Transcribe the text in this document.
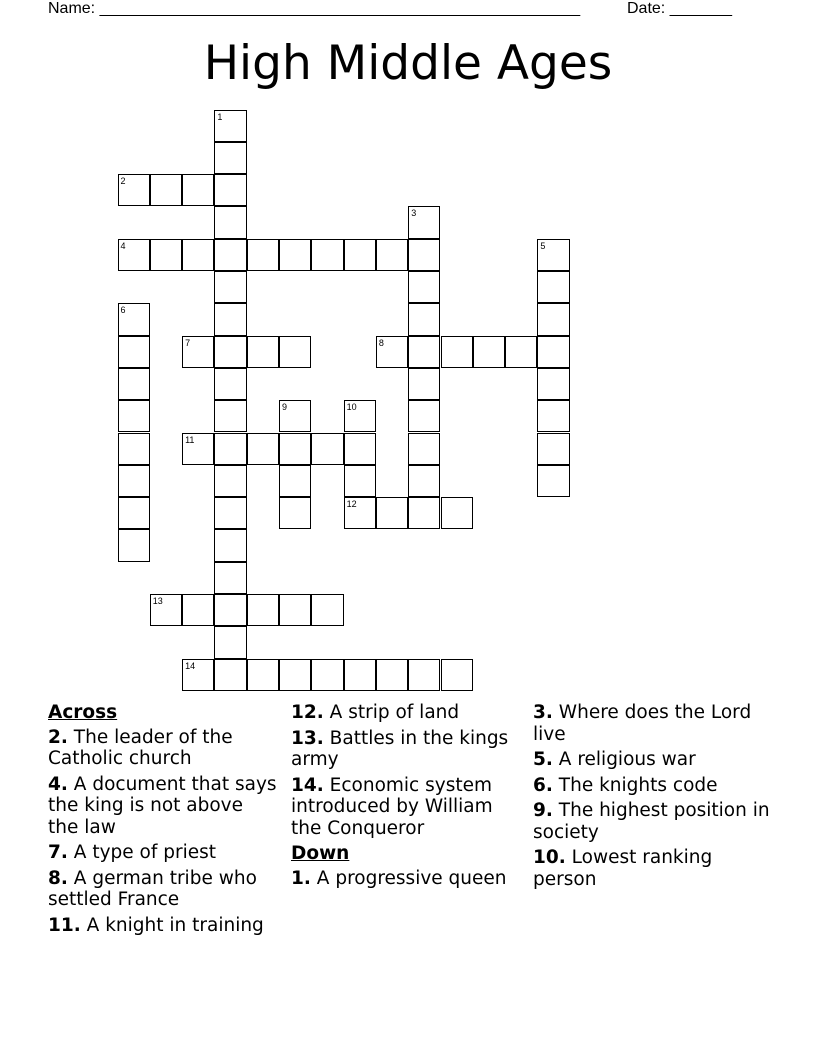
Name: ______________________________________________________	Date: _______
High Middle Ages
1
2
3
4	5
6
7	8
9	10
12
11
13
14
Across
2. The leader of the Catholic church
4. A document that says the king is not above the law
7. A type of priest
8. A german tribe who settled France
11. A knight in training
12. A strip of land
13. Battles in the kings army
14. Economic system introduced by William the Conqueror
Down
1. A progressive queen
3. Where does the Lord live
5. A religious war
6. The knights code
9. The highest position in society
10. Lowest ranking person
